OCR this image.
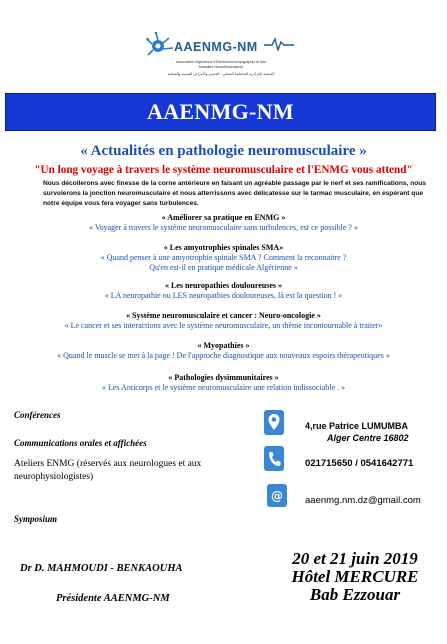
AAENMG-NM
Association Algérienne d'Electroneuromyographie et des
Maladies NeuroMusculaires
الجمعية الجزائرية للتخطيط العضلي - العصبي والأمراض العصبية والعضلية
AAENMG-NM
« Actualités en pathologie neuromusculaire »
"Un long voyage à travers le système neuromusculaire et l'ENMG vous attend"
Nous décollerons avec finesse de la corne antérieure en faisant un agréable passage par le nerf et ses ramifications, nous survolerons la jonction neuromusculaire et nous atterrissons avec délicatesse sur le tarmac musculaire, en espérant que notre équipe vous fera voyager sans turbulences.
« Améliorer sa pratique en ENMG »
« Voyager à travers le système neuromusculaire sans turbulences, est ce possible ? »
« Les amyotrophies spinales SMA»
« Quand penser à une amyotrophie spinale SMA ? Comment la reconnaitre ?
Qu'en est-il en pratique médicale Algérienne »
« Les neuropathies douloureuses »
« LA neuropathie ou LES neuropathies douloureuses, là est la question ! »
« Système neuromusculaire et cancer : Neuro-oncologie »
« Le cancer et ses interactions avec le système neuromusculaire, un thème incontournable à traiter»
« Myopathies »
« Quand le muscle se met à la page ! De l'approche diagnostique aux nouveaux espoirs thérapeutiques »
« Pathologies dysimmunitaires »
« Les Anticorps et le système neuromusculaire une relation indissociable . »
Conférences
Communications orales et affichées
Ateliers ENMG (réservés aux neurologues et aux neurophysiologistes)
Symposium
4,rue Patrice LUMUMBA
Alger Centre 16802
021715650 / 0541642771
@ aaenmg.nm.dz@gmail.com
Dr D. MAHMOUDI - BENKAOUHA
Présidente AAENMG-NM
20 et 21 juin 2019
Hôtel MERCURE
Bab Ezzouar
